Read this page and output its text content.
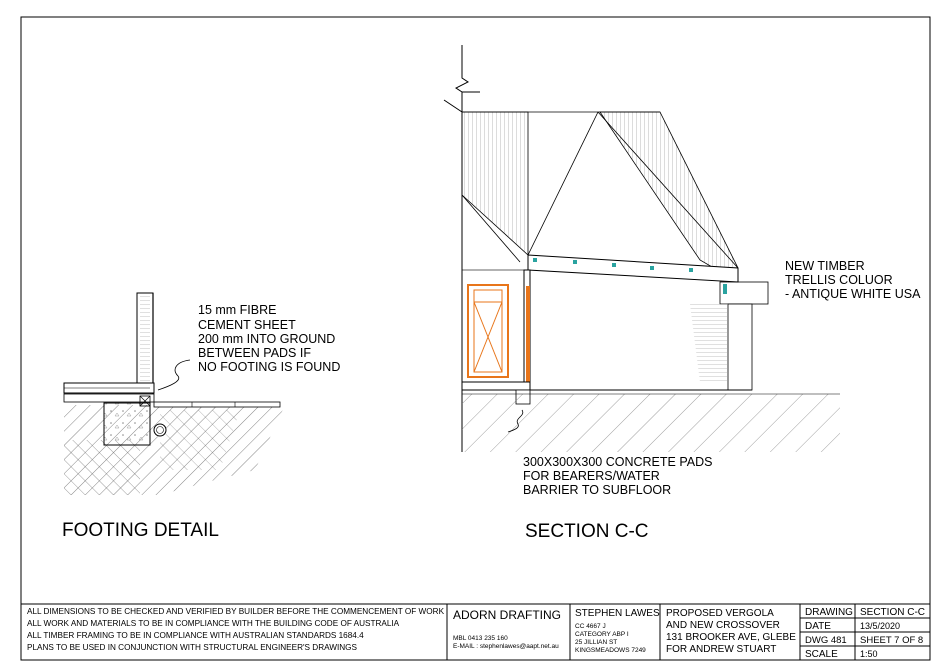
15 mm FIBRE CEMENT SHEET 200 mm INTO GROUND BETWEEN PADS IF NO FOOTING IS FOUND
FOOTING DETAIL
NEW TIMBER TRELLIS COLUOR - ANTIQUE WHITE USA
300X300X300 CONCRETE PADS FOR BEARERS/WATER BARRIER TO SUBFLOOR
SECTION C-C
ALL DIMENSIONS TO BE CHECKED AND VERIFIED BY BUILDER BEFORE THE COMMENCEMENT OF WORK ALL WORK AND MATERIALS TO BE IN COMPLIANCE WITH THE BUILDING CODE OF AUSTRALIA ALL TIMBER FRAMING TO BE IN COMPLIANCE WITH AUSTRALIAN STANDARDS 1684.4 PLANS TO BE USED IN CONJUNCTION WITH STRUCTURAL ENGINEER'S DRAWINGS
ADORN DRAFTING
MBL 0413 235 160
E-MAIL : stephenlawes@aapt.net.au
STEPHEN LAWES
CC 4667 J CATEGORY ABP I 25 JILLIAN ST KINGSMEADOWS 7249
PROPOSED VERGOLA AND NEW CROSSOVER 131 BROOKER AVE, GLEBE FOR ANDREW STUART
DRAWING SECTION C-C
DATE	13/5/2020
DWG 481 SHEET 7 OF 8
SCALE 1:50
